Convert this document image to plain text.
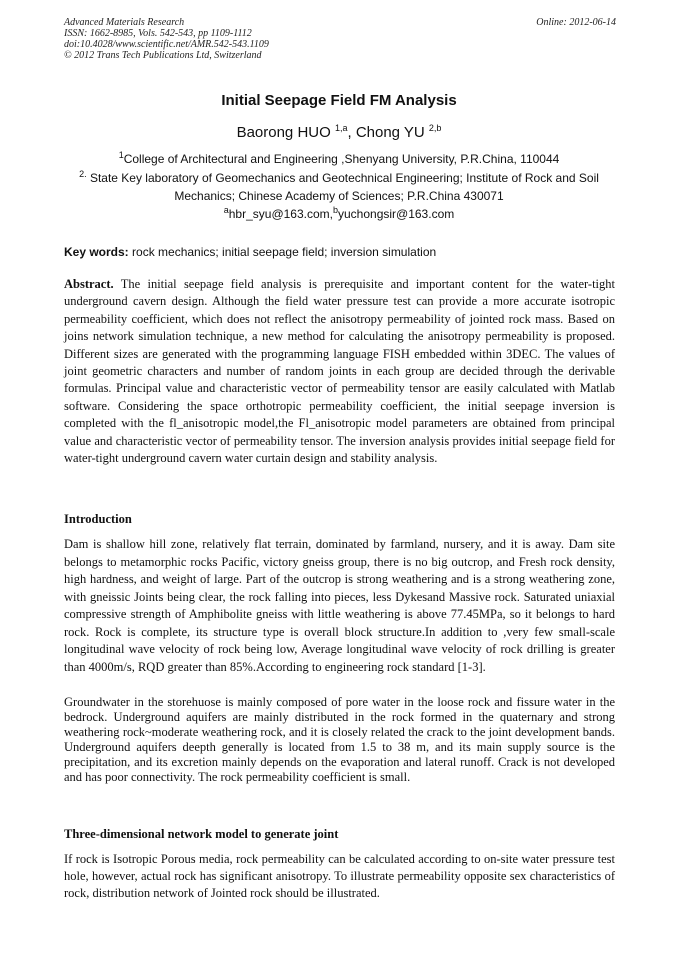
Advanced Materials Research
ISSN: 1662-8985, Vols. 542-543, pp 1109-1112
doi:10.4028/www.scientific.net/AMR.542-543.1109
© 2012 Trans Tech Publications Ltd, Switzerland
Online: 2012-06-14
Initial Seepage Field FM Analysis
Baorong HUO $^{1,a}$, Chong YU $^{2,b}$
$^1$College of Architectural and Engineering ,Shenyang University, P.R.China, 110044
$^{2.}$ State Key laboratory of Geomechanics and Geotechnical Engineering; Institute of Rock and Soil
Mechanics; Chinese Academy of Sciences; P.R.China 430071
$^a$hbr_syu@163.com,$^b$yuchongsir@163.com
Key words: rock mechanics; initial seepage field; inversion simulation
Abstract. The initial seepage field analysis is prerequisite and important content for the water-tight underground cavern design. Although the field water pressure test can provide a more accurate isotropic permeability coefficient, which does not reflect the anisotropy permeability of jointed rock mass. Based on joins network simulation technique, a new method for calculating the anisotropy permeability is proposed. Different sizes are generated with the programming language FISH embedded within 3DEC. The values of joint geometric characters and number of random joints in each group are decided through the derivable formulas. Principal value and characteristic vector of permeability tensor are easily calculated with Matlab software. Considering the space orthotropic permeability coefficient, the initial seepage inversion is completed with the fl_anisotropic model,the Fl_anisotropic model parameters are obtained from principal value and characteristic vector of permeability tensor. The inversion analysis provides initial seepage field for water-tight underground cavern water curtain design and stability analysis.
Introduction
Dam is shallow hill zone, relatively flat terrain, dominated by farmland, nursery, and it is away. Dam site belongs to metamorphic rocks Pacific, victory gneiss group, there is no big outcrop, and Fresh rock density, high hardness, and weight of large. Part of the outcrop is strong weathering and is a strong weathering zone, with gneissic Joints being clear, the rock falling into pieces, less Dykesand Massive rock. Saturated uniaxial compressive strength of Amphibolite gneiss with little weathering is above 77.45MPa, so it belongs to hard rock. Rock is complete, its structure type is overall block structure.In addition to ,very few small-scale longitudinal wave velocity of rock being low, Average longitudinal wave velocity of rock drilling is greater than 4000m/s, RQD greater than 85%.According to engineering rock standard [1-3].
Groundwater in the storehuose is mainly composed of pore water in the loose rock and fissure water in the bedrock. Underground aquifers are mainly distributed in the rock formed in the quaternary and strong weathering rock~moderate weathering rock, and it is closely related the crack to the joint development bands. Underground aquifers deepth generally is located from 1.5 to 38 m, and its main supply source is the precipitation, and its excretion mainly depends on the evaporation and lateral runoff. Crack is not developed and has poor connectivity. The rock permeability coefficient is small.
Three-dimensional network model to generate joint
If rock is Isotropic Porous media, rock permeability can be calculated according to on-site water pressure test hole, however, actual rock has significant anisotropy. To illustrate permeability opposite sex characteristics of rock, distribution network of Jointed rock should be illustrated.
